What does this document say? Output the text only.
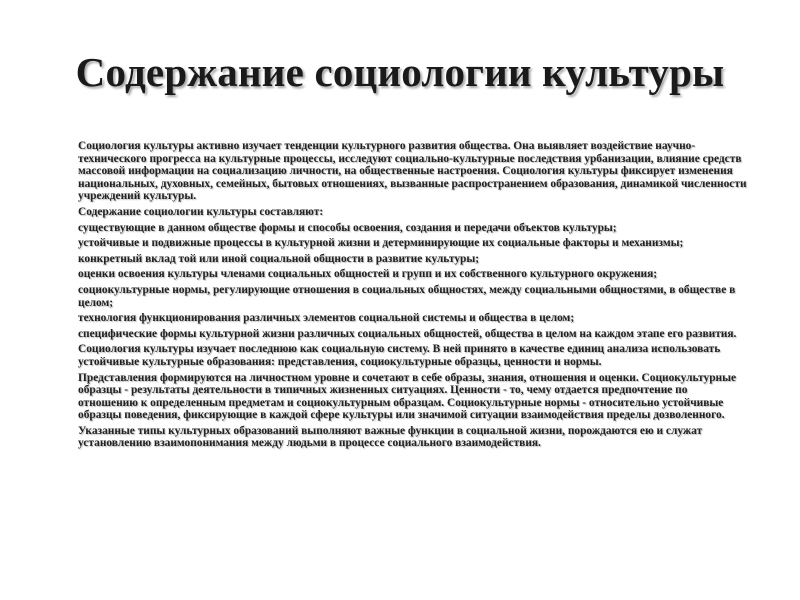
Содержание социологии культуры

Социология культуры активно изучает тенденции культурного развития общества. Она выявляет воздействие научно-технического прогресса на культурные процессы, исследуют социально-культурные последствия урбанизации, влияние средств массовой информации на социализацию личности, на общественные настроения. Социология культуры фиксирует изменения национальных, духовных, семейных, бытовых отношениях, вызванные распространением образования, динамикой численности учреждений культуры.

Содержание социологии культуры составляют:

существующие в данном обществе формы и способы освоения, создания и передачи объектов культуры;

устойчивые и подвижные процессы в культурной жизни и детерминирующие их социальные факторы и механизмы;

конкретный вклад той или иной социальной общности в развитие культуры;

оценки освоения культуры членами социальных общностей и групп и их собственного культурного окружения;

социокультурные нормы, регулирующие отношения в социальных общностях, между социальными общностями, в обществе в целом;

технология функционирования различных элементов социальной системы и общества в целом;

специфические формы культурной жизни различных социальных общностей, общества в целом на каждом этапе его развития.

Социология культуры изучает последнюю как социальную систему. В ней принято в качестве единиц анализа использовать устойчивые культурные образования: представления, социокультурные образцы, ценности и нормы.

Представления формируются на личностном уровне и сочетают в себе образы, знания, отношения и оценки. Социокультурные образцы - результаты деятельности в типичных жизненных ситуациях. Ценности - то, чему отдается предпочтение по отношению к определенным предметам и социокультурным образцам. Социокультурные нормы - относительно устойчивые образцы поведения, фиксирующие в каждой сфере культуры или значимой ситуации взаимодействия пределы дозволенного.

Указанные типы культурных образований выполняют важные функции в социальной жизни, порождаются ею и служат установлению взаимопонимания между людьми в процессе социального взаимодействия.
